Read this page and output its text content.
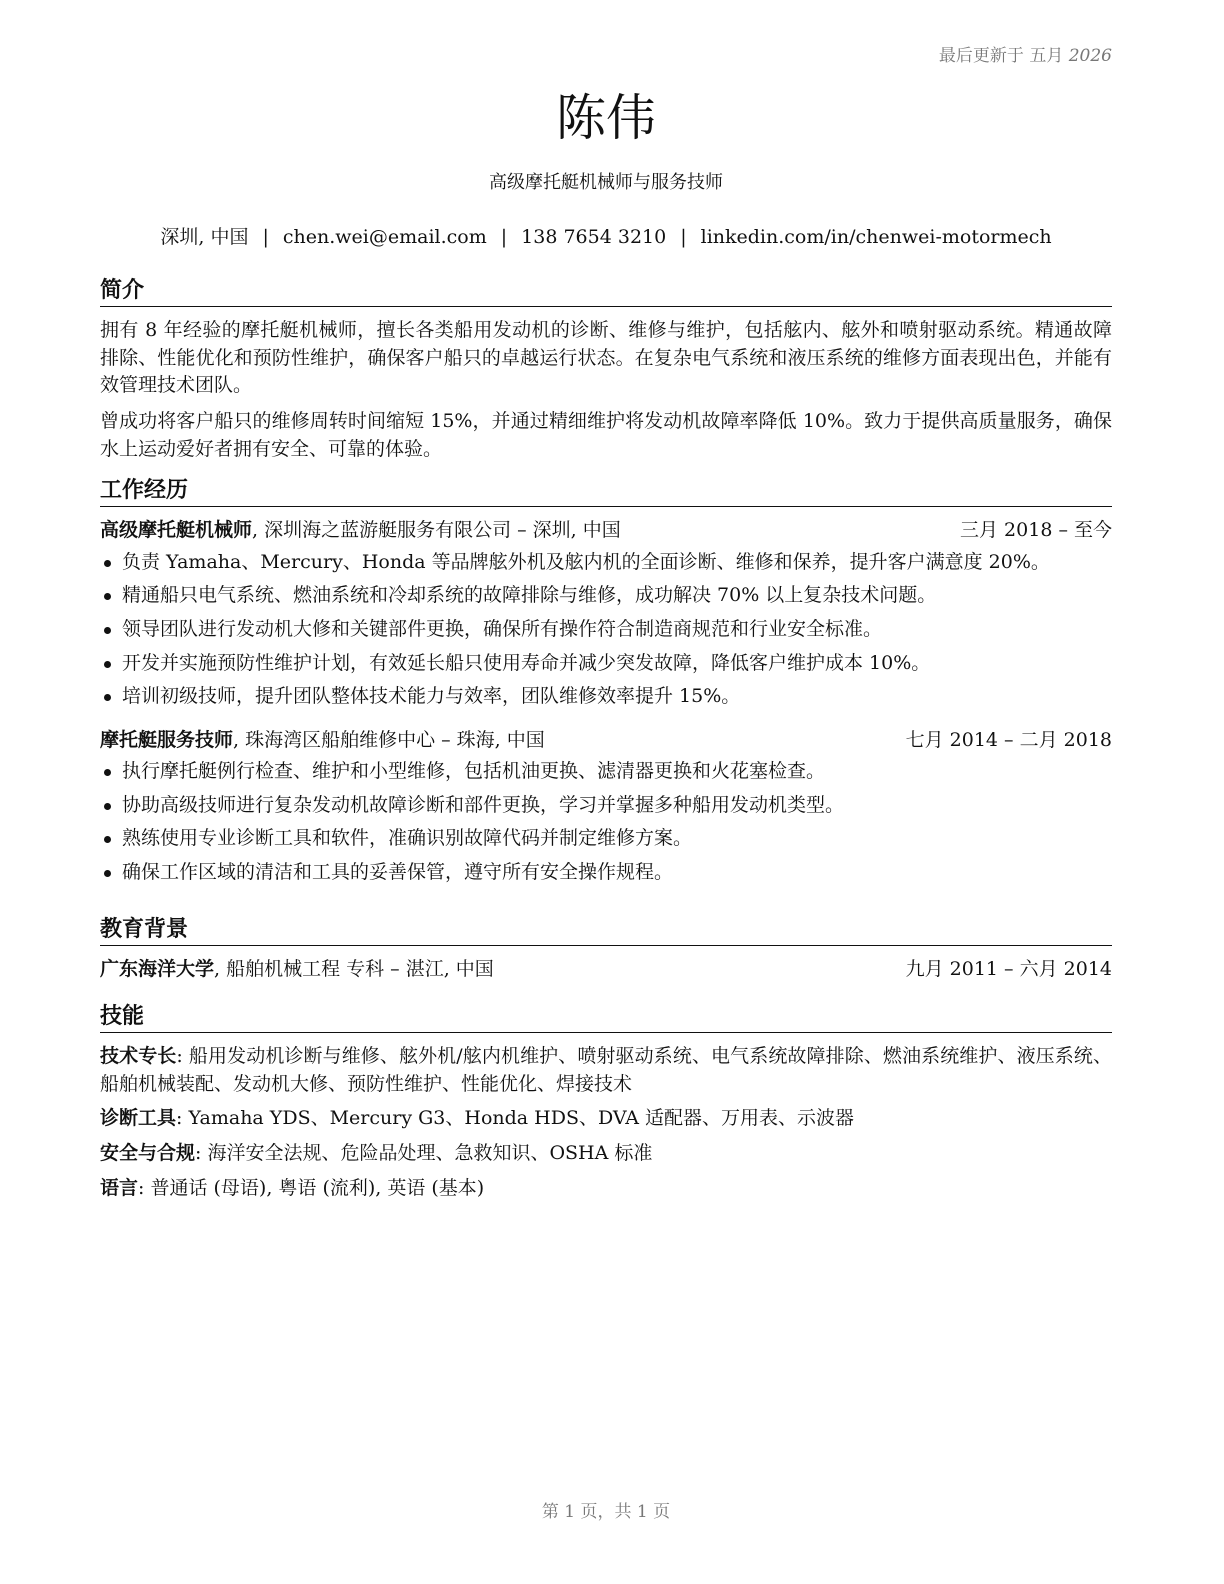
最后更新于 五月 2026
陈伟
高级摩托艇机械师与服务技师
深圳, 中国 | chen.wei@email.com | 138 7654 3210 | linkedin.com/in/chenwei-motormech
简介

拥有 8 年经验的摩托艇机械师，擅长各类船用发动机的诊断、维修与维护，包括舷内、舷外和喷射驱动系统。精通故障排除、性能优化和预防性维护，确保客户船只的卓越运行状态。在复杂电气系统和液压系统的维修方面表现出色，并能有效管理技术团队。

曾成功将客户船只的维修周转时间缩短 15%，并通过精细维护将发动机故障率降低 10%。致力于提供高质量服务，确保水上运动爱好者拥有安全、可靠的体验。

工作经历
高级摩托艇机械师, 深圳海之蓝游艇服务有限公司 – 深圳, 中国	三月 2018 – 至今
负责 Yamaha、Mercury、Honda 等品牌舷外机及舷内机的全面诊断、维修和保养，提升客户满意度 20%。
精通船只电气系统、燃油系统和冷却系统的故障排除与维修，成功解决 70% 以上复杂技术问题。
领导团队进行发动机大修和关键部件更换，确保所有操作符合制造商规范和行业安全标准。
开发并实施预防性维护计划，有效延长船只使用寿命并减少突发故障，降低客户维护成本 10%。
培训初级技师，提升团队整体技术能力与效率，团队维修效率提升 15%。
摩托艇服务技师, 珠海湾区船舶维修中心 – 珠海, 中国	七月 2014 – 二月 2018
执行摩托艇例行检查、维护和小型维修，包括机油更换、滤清器更换和火花塞检查。
协助高级技师进行复杂发动机故障诊断和部件更换，学习并掌握多种船用发动机类型。
熟练使用专业诊断工具和软件，准确识别故障代码并制定维修方案。
确保工作区域的清洁和工具的妥善保管，遵守所有安全操作规程。
教育背景
广东海洋大学, 船舶机械工程 专科 – 湛江, 中国	九月 2011 – 六月 2014
技能

技术专长: 船用发动机诊断与维修、舷外机/舷内机维护、喷射驱动系统、电气系统故障排除、燃油系统维护、液压系统、船舶机械装配、发动机大修、预防性维护、性能优化、焊接技术

诊断工具: Yamaha YDS、Mercury G3、Honda HDS、DVA 适配器、万用表、示波器

安全与合规: 海洋安全法规、危险品处理、急救知识、OSHA 标准

语言: 普通话 (母语), 粤语 (流利), 英语 (基本)

第 1 页，共 1 页
